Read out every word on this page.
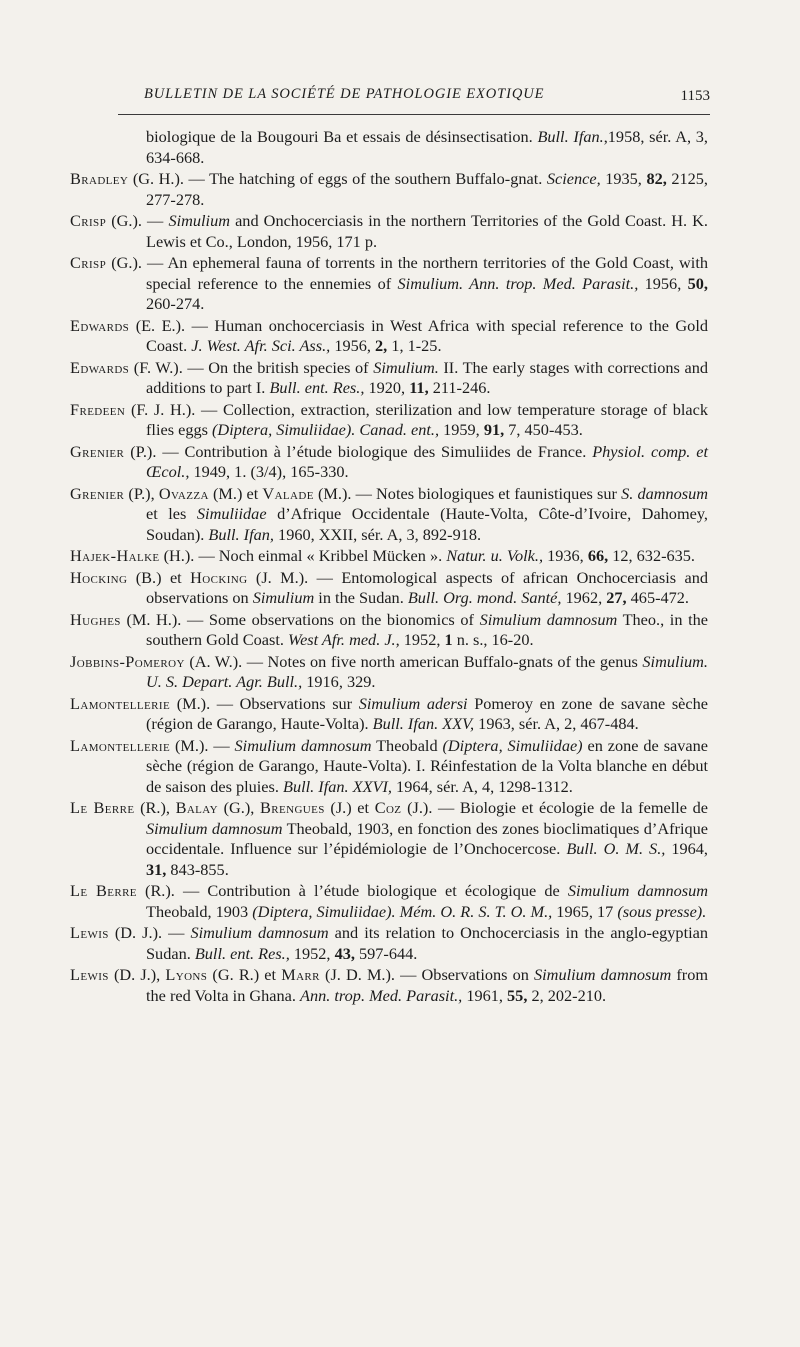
BULLETIN DE LA SOCIÉTÉ DE PATHOLOGIE EXOTIQUE	1153
biologique de la Bougouri Ba et essais de désinsectisation. Bull. Ifan.,1958, sér. A, 3, 634-668.
Bradley (G. H.). — The hatching of eggs of the southern Buffalo-gnat. Science, 1935, 82, 2125, 277-278.
Crisp (G.). — Simulium and Onchocerciasis in the northern Territories of the Gold Coast. H. K. Lewis et Co., London, 1956, 171 p.
Crisp (G.). — An ephemeral fauna of torrents in the northern territories of the Gold Coast, with special reference to the ennemies of Simulium. Ann. trop. Med. Parasit., 1956, 50, 260-274.
Edwards (E. E.). — Human onchocerciasis in West Africa with special reference to the Gold Coast. J. West. Afr. Sci. Ass., 1956, 2, 1, 1-25.
Edwards (F. W.). — On the british species of Simulium. II. The early stages with corrections and additions to part I. Bull. ent. Res., 1920, 11, 211-246.
Fredeen (F. J. H.). — Collection, extraction, sterilization and low temperature storage of black flies eggs (Diptera, Simuliidae). Canad. ent., 1959, 91, 7, 450-453.
Grenier (P.). — Contribution à l’étude biologique des Simuliides de France. Physiol. comp. et Œcol., 1949, 1. (3/4), 165-330.
Grenier (P.), Ovazza (M.) et Valade (M.). — Notes biologiques et faunistiques sur S. damnosum et les Simuliidae d’Afrique Occidentale (Haute-Volta, Côte-d’Ivoire, Dahomey, Soudan). Bull. Ifan, 1960, XXII, sér. A, 3, 892-918.
Hajek-Halke (H.). — Noch einmal « Kribbel Mücken ». Natur. u. Volk., 1936, 66, 12, 632-635.
Hocking (B.) et Hocking (J. M.). — Entomological aspects of african Onchocerciasis and observations on Simulium in the Sudan. Bull. Org. mond. Santé, 1962, 27, 465-472.
Hughes (M. H.). — Some observations on the bionomics of Simulium damnosum Theo., in the southern Gold Coast. West Afr. med. J., 1952, 1 n. s., 16-20.
Jobbins-Pomeroy (A. W.). — Notes on five north american Buffalo-gnats of the genus Simulium. U. S. Depart. Agr. Bull., 1916, 329.
Lamontellerie (M.). — Observations sur Simulium adersi Pomeroy en zone de savane sèche (région de Garango, Haute-Volta). Bull. Ifan. XXV, 1963, sér. A, 2, 467-484.
Lamontellerie (M.). — Simulium damnosum Theobald (Diptera, Simuliidae) en zone de savane sèche (région de Garango, Haute-Volta). I. Réinfestation de la Volta blanche en début de saison des pluies. Bull. Ifan. XXVI, 1964, sér. A, 4, 1298-1312.
Le Berre (R.), Balay (G.), Brengues (J.) et Coz (J.). — Biologie et écologie de la femelle de Simulium damnosum Theobald, 1903, en fonction des zones bioclimatiques d’Afrique occidentale. Influence sur l’épidémiologie de l’Onchocercose. Bull. O. M. S., 1964, 31, 843-855.
Le Berre (R.). — Contribution à l’étude biologique et écologique de Simulium damnosum Theobald, 1903 (Diptera, Simuliidae). Mém. O. R. S. T. O. M., 1965, 17 (sous presse).
Lewis (D. J.). — Simulium damnosum and its relation to Onchocerciasis in the anglo-egyptian Sudan. Bull. ent. Res., 1952, 43, 597-644.
Lewis (D. J.), Lyons (G. R.) et Marr (J. D. M.). — Observations on Simulium damnosum from the red Volta in Ghana. Ann. trop. Med. Parasit., 1961, 55, 2, 202-210.
